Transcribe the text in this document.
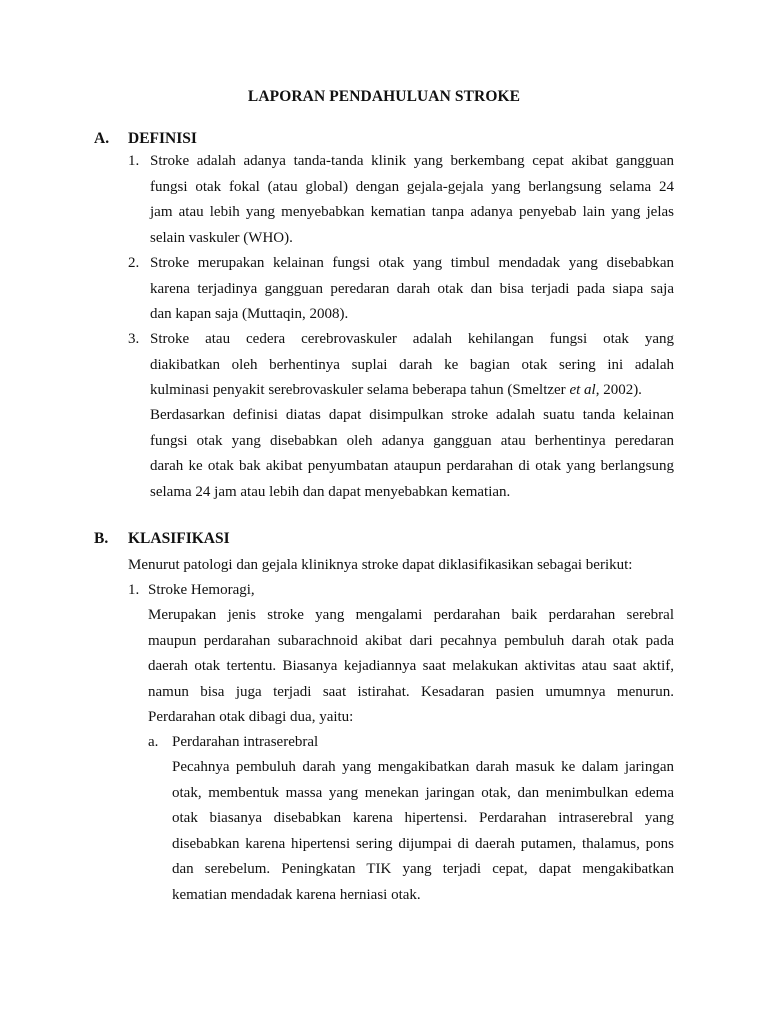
LAPORAN PENDAHULUAN STROKE
A. DEFINISI
1. Stroke adalah adanya tanda-tanda klinik yang berkembang cepat akibat gangguan
fungsi otak fokal (atau global) dengan gejala-gejala yang berlangsung selama 24
jam atau lebih yang menyebabkan kematian tanpa adanya penyebab lain yang jelas
selain vaskuler (WHO).
2. Stroke merupakan kelainan fungsi otak yang timbul mendadak yang disebabkan
karena terjadinya gangguan peredaran darah otak dan bisa terjadi pada siapa saja
dan kapan saja (Muttaqin, 2008).
3. Stroke atau cedera cerebrovaskuler adalah kehilangan fungsi otak yang
diakibatkan oleh berhentinya suplai darah ke bagian otak sering ini adalah
kulminasi penyakit serebrovaskuler selama beberapa tahun (Smeltzer et al, 2002).
Berdasarkan definisi diatas dapat disimpulkan stroke adalah suatu tanda kelainan
fungsi otak yang disebabkan oleh adanya gangguan atau berhentinya peredaran
darah ke otak bak akibat penyumbatan ataupun perdarahan di otak yang berlangsung
selama 24 jam atau lebih dan dapat menyebabkan kematian.
B. KLASIFIKASI
Menurut patologi dan gejala kliniknya stroke dapat diklasifikasikan sebagai berikut:
1. Stroke Hemoragi,
Merupakan jenis stroke yang mengalami perdarahan baik perdarahan serebral
maupun perdarahan subarachnoid akibat dari pecahnya pembuluh darah otak pada
daerah otak tertentu. Biasanya kejadiannya saat melakukan aktivitas atau saat aktif,
namun bisa juga terjadi saat istirahat. Kesadaran pasien umumnya menurun.
Perdarahan otak dibagi dua, yaitu:
a. Perdarahan intraserebral
Pecahnya pembuluh darah yang mengakibatkan darah masuk ke dalam jaringan
otak, membentuk massa yang menekan jaringan otak, dan menimbulkan edema
otak biasanya disebabkan karena hipertensi. Perdarahan intraserebral yang
disebabkan karena hipertensi sering dijumpai di daerah putamen, thalamus, pons
dan serebelum. Peningkatan TIK yang terjadi cepat, dapat mengakibatkan
kematian mendadak karena herniasi otak.
